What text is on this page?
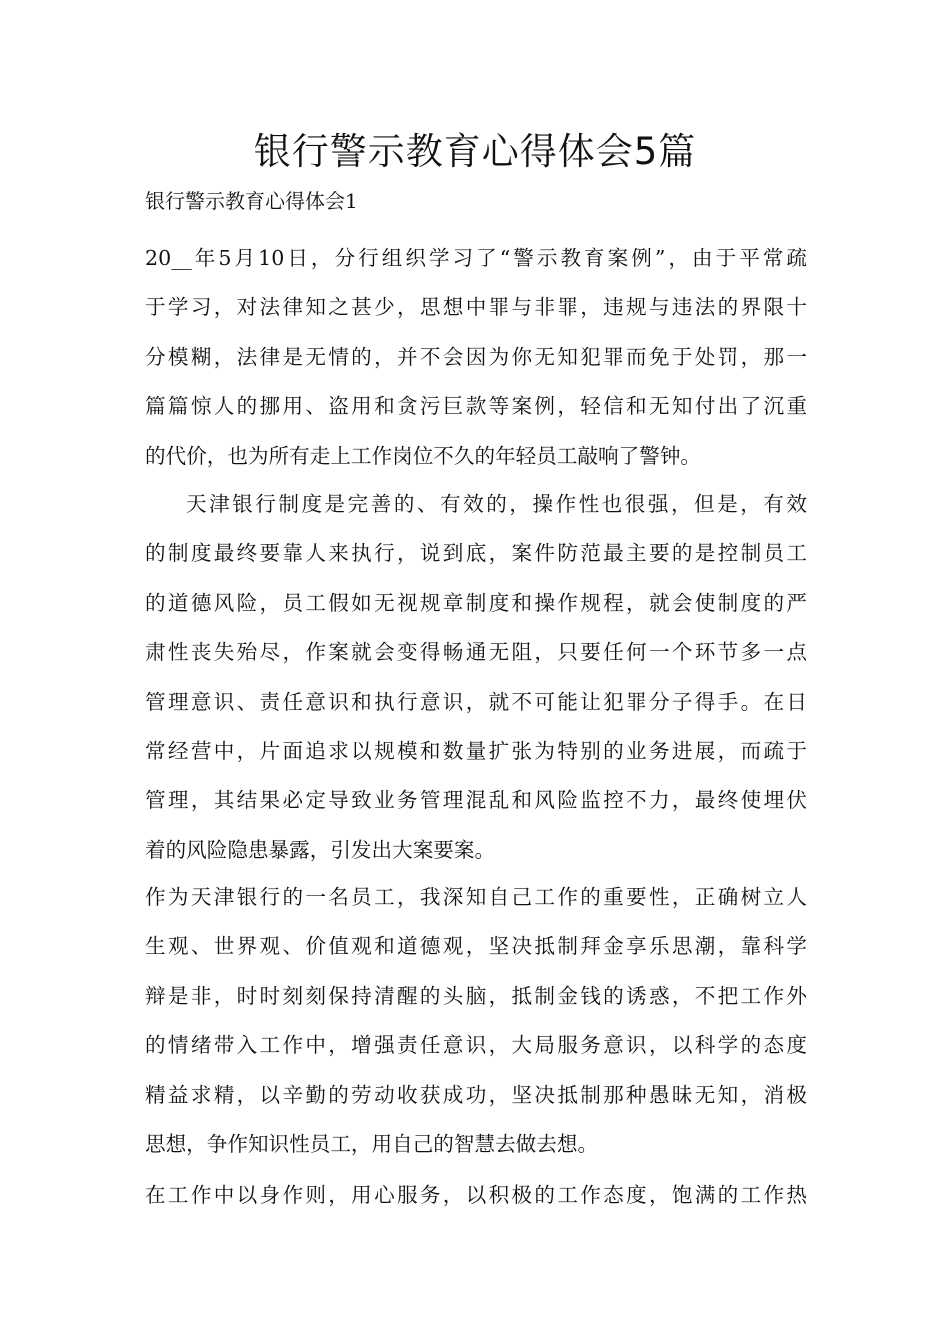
银行警示教育心得体会5篇

银行警示教育心得体会1

20__年5月10日，分行组织学习了“警示教育案例”，由于平常疏
于学习，对法律知之甚少，思想中罪与非罪，违规与违法的界限十
分模糊，法律是无情的，并不会因为你无知犯罪而免于处罚，那一
篇篇惊人的挪用、盗用和贪污巨款等案例，轻信和无知付出了沉重
的代价，也为所有走上工作岗位不久的年轻员工敲响了警钟。

天津银行制度是完善的、有效的，操作性也很强，但是，有效
的制度最终要靠人来执行，说到底，案件防范最主要的是控制员工
的道德风险，员工假如无视规章制度和操作规程，就会使制度的严
肃性丧失殆尽，作案就会变得畅通无阻，只要任何一个环节多一点
管理意识、责任意识和执行意识，就不可能让犯罪分子得手。在日
常经营中，片面追求以规模和数量扩张为特别的业务进展，而疏于
管理，其结果必定导致业务管理混乱和风险监控不力，最终使埋伏
着的风险隐患暴露，引发出大案要案。

作为天津银行的一名员工，我深知自己工作的重要性，正确树立人
生观、世界观、价值观和道德观，坚决抵制拜金享乐思潮，靠科学
辩是非，时时刻刻保持清醒的头脑，抵制金钱的诱惑，不把工作外
的情绪带入工作中，增强责任意识，大局服务意识，以科学的态度
精益求精，以辛勤的劳动收获成功，坚决抵制那种愚昧无知，消极
思想，争作知识性员工，用自己的智慧去做去想。

在工作中以身作则，用心服务，以积极的工作态度，饱满的工作热
